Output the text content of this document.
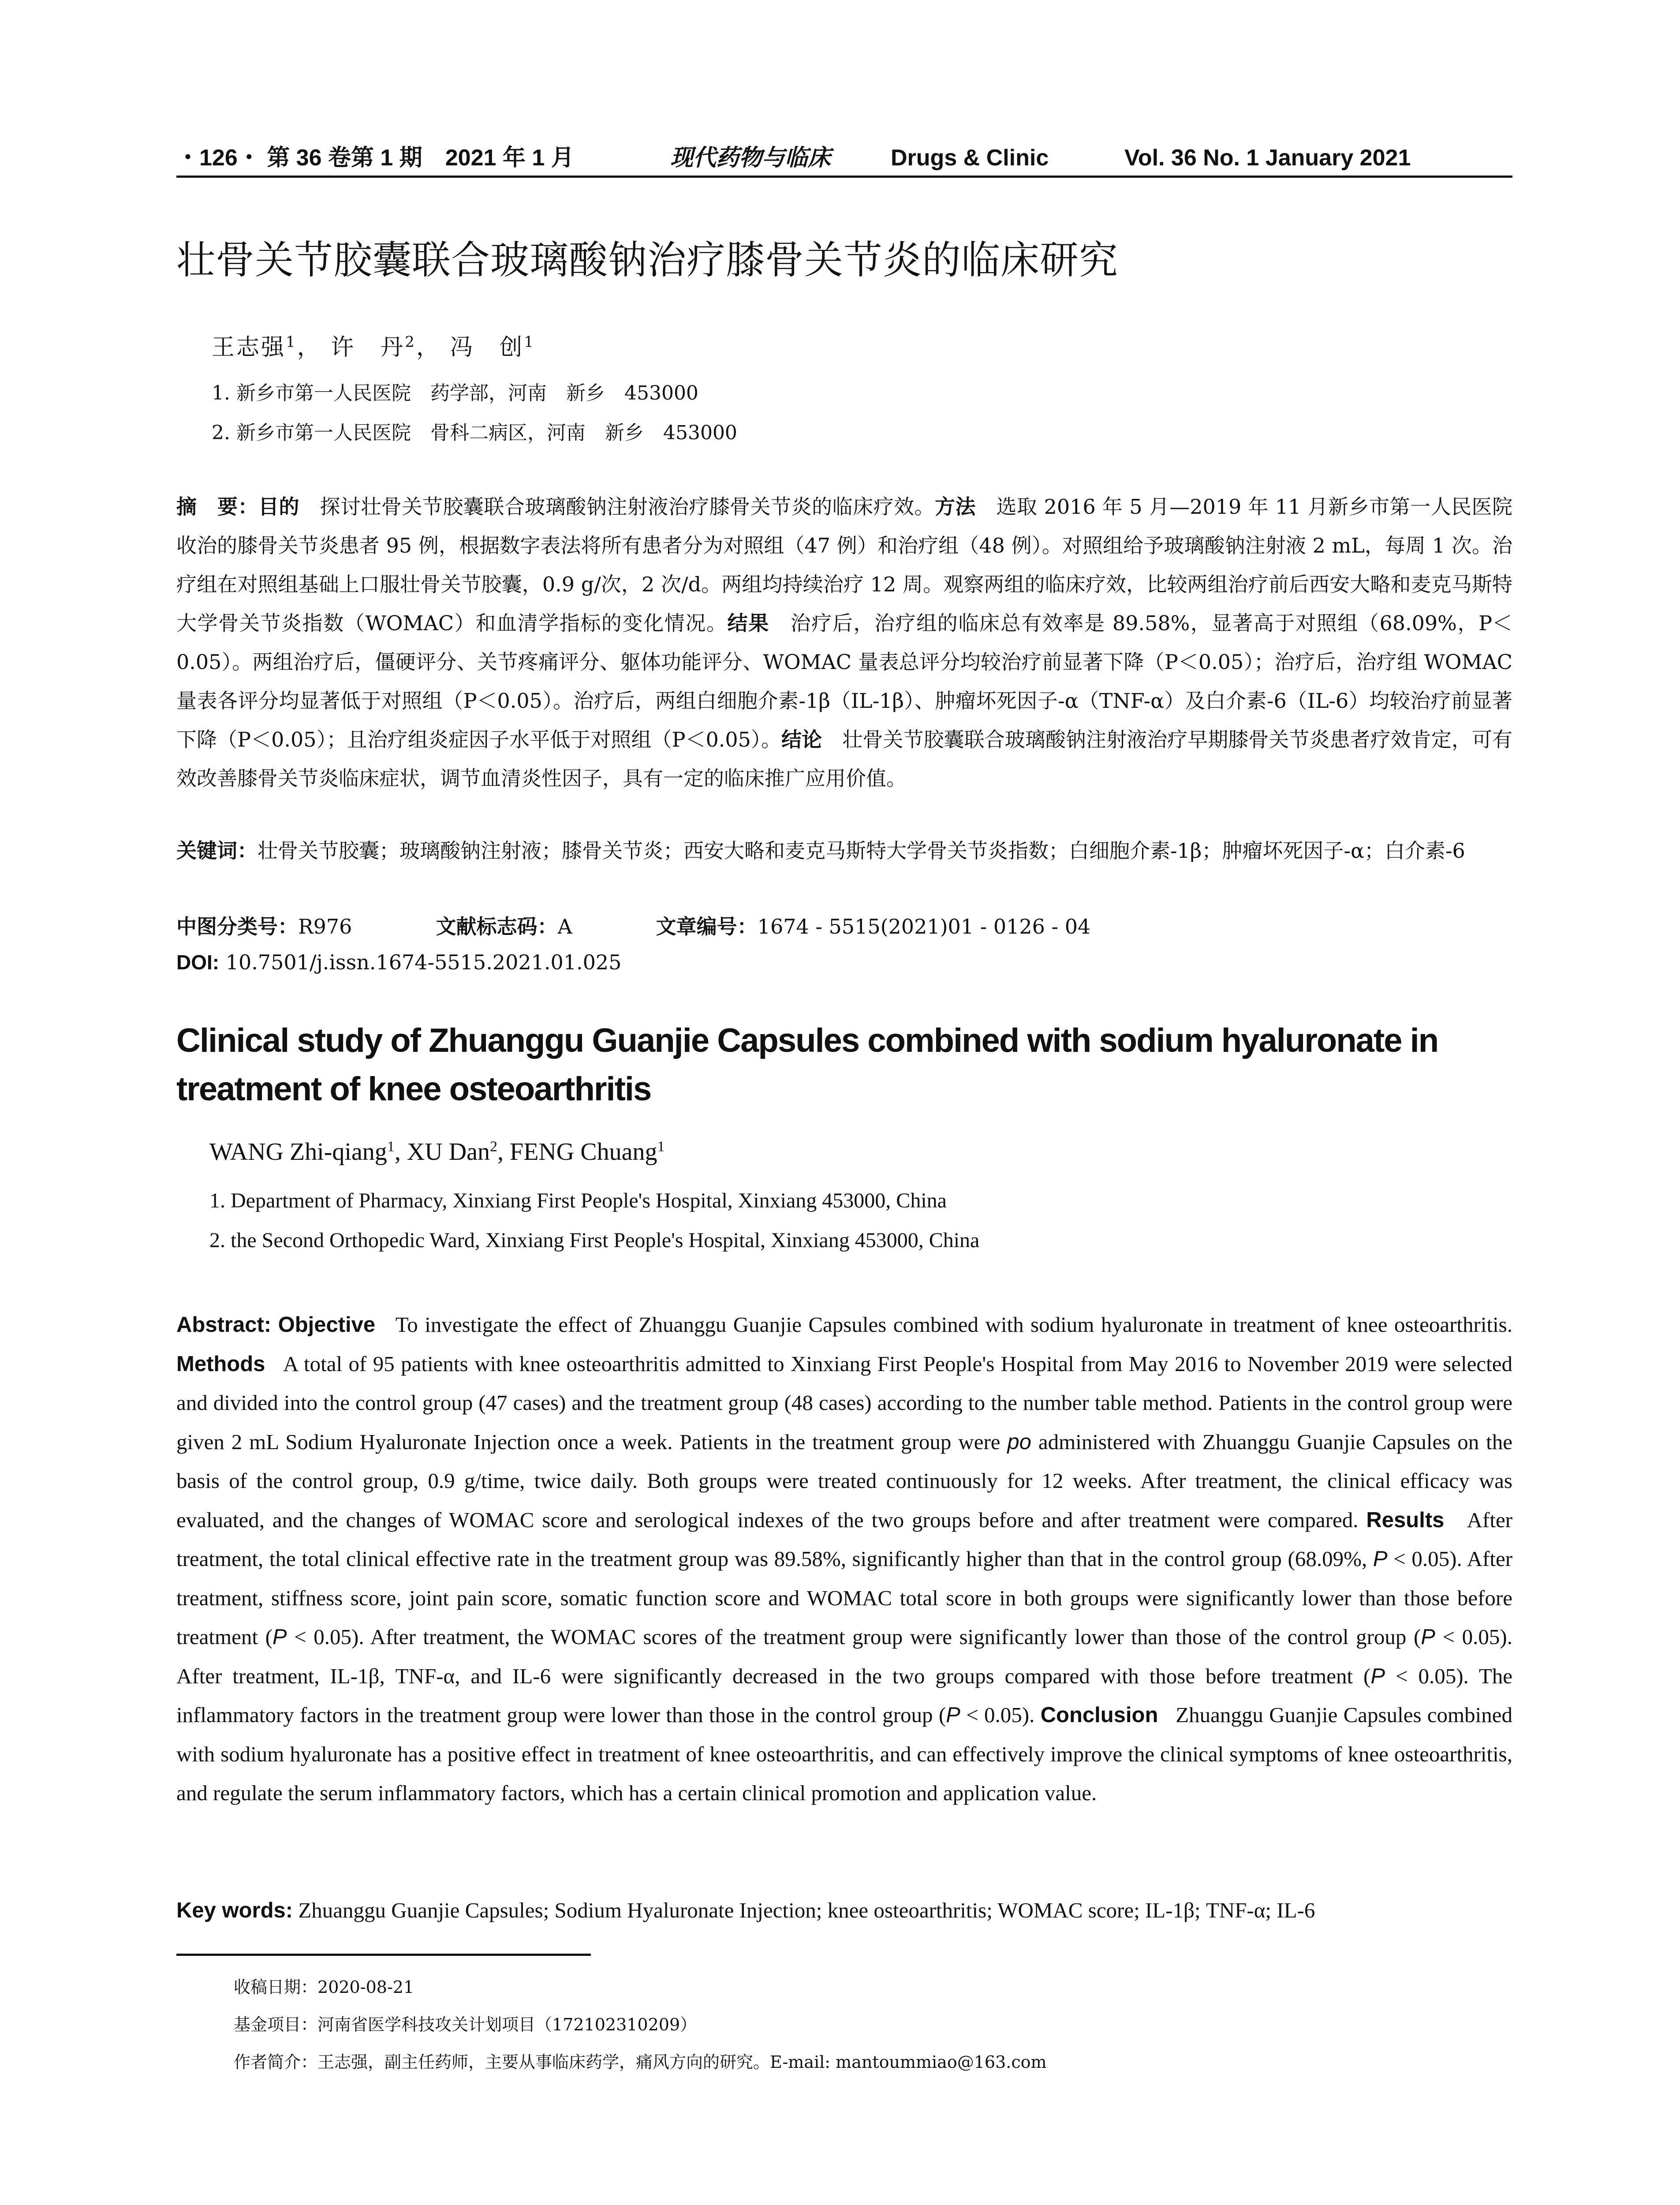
・126・ 第 36 卷第 1 期　2021 年 1 月	现代药物与临床	Drugs & Clinic	Vol. 36 No. 1 January 2021
壮骨关节胶囊联合玻璃酸钠治疗膝骨关节炎的临床研究
王志强$^1$， 许　丹$^2$， 冯　创$^1$
1. 新乡市第一人民医院　药学部，河南　新乡　453000
2. 新乡市第一人民医院　骨科二病区，河南　新乡　453000
摘　要：目的　 探讨壮骨关节胶囊联合玻璃酸钠注射液治疗膝骨关节炎的临床疗效。方法　 选取 2016 年 5 月—2019 年 11 月新乡市第一人民医院收治的膝骨关节炎患者 95 例，根据数字表法将所有患者分为对照组（47 例）和治疗组（48 例）。对照组给予玻璃酸钠注射液 2 mL，每周 1 次。治疗组在对照组基础上口服壮骨关节胶囊，0.9 g/次，2 次/d。两组均持续治疗 12 周。观察两组的临床疗效，比较两组治疗前后西安大略和麦克马斯特大学骨关节炎指数（WOMAC）和血清学指标的变化情况。结果　 治疗后，治疗组的临床总有效率是 89.58%，显著高于对照组（68.09%，P＜0.05）。两组治疗后，僵硬评分、关节疼痛评分、躯体功能评分、WOMAC 量表总评分均较治疗前显著下降（P＜0.05）；治疗后，治疗组 WOMAC 量表各评分均显著低于对照组（P＜0.05）。治疗后，两组白细胞介素-1β（IL-1β）、肿瘤坏死因子-α（TNF-α）及白介素-6（IL-6）均较治疗前显著下降（P＜0.05）；且治疗组炎症因子水平低于对照组（P＜0.05）。结论　 壮骨关节胶囊联合玻璃酸钠注射液治疗早期膝骨关节炎患者疗效肯定，可有效改善膝骨关节炎临床症状，调节血清炎性因子，具有一定的临床推广应用价值。
关键词：壮骨关节胶囊；玻璃酸钠注射液；膝骨关节炎；西安大略和麦克马斯特大学骨关节炎指数；白细胞介素-1β；肿瘤坏死因子-α；白介素-6
中图分类号：R976	文献标志码：A	文章编号：1674 - 5515(2021)01 - 0126 - 04
DOI: 10.7501/j.issn.1674-5515.2021.01.025
Clinical study of Zhuanggu Guanjie Capsules combined with sodium hyaluronate in treatment of knee osteoarthritis
WANG Zhi-qiang$^1$, XU Dan$^2$, FENG Chuang$^1$
1. Department of Pharmacy, Xinxiang First People's Hospital, Xinxiang 453000, China
2. the Second Orthopedic Ward, Xinxiang First People's Hospital, Xinxiang 453000, China
Abstract: Objective To investigate the effect of Zhuanggu Guanjie Capsules combined with sodium hyaluronate in treatment of knee osteoarthritis. Methods A total of 95 patients with knee osteoarthritis admitted to Xinxiang First People's Hospital from May 2016 to November 2019 were selected and divided into the control group (47 cases) and the treatment group (48 cases) according to the number table method. Patients in the control group were given 2 mL Sodium Hyaluronate Injection once a week. Patients in the treatment group were po administered with Zhuanggu Guanjie Capsules on the basis of the control group, 0.9 g/time, twice daily. Both groups were treated continuously for 12 weeks. After treatment, the clinical efficacy was evaluated, and the changes of WOMAC score and serological indexes of the two groups before and after treatment were compared. Results After treatment, the total clinical effective rate in the treatment group was 89.58%, significantly higher than that in the control group (68.09%, P < 0.05). After treatment, stiffness score, joint pain score, somatic function score and WOMAC total score in both groups were significantly lower than those before treatment (P < 0.05). After treatment, the WOMAC scores of the treatment group were significantly lower than those of the control group (P < 0.05). After treatment, IL-1β, TNF-α, and IL-6 were significantly decreased in the two groups compared with those before treatment (P < 0.05). The inflammatory factors in the treatment group were lower than those in the control group (P < 0.05). Conclusion Zhuanggu Guanjie Capsules combined with sodium hyaluronate has a positive effect in treatment of knee osteoarthritis, and can effectively improve the clinical symptoms of knee osteoarthritis, and regulate the serum inflammatory factors, which has a certain clinical promotion and application value.
Key words: Zhuanggu Guanjie Capsules; Sodium Hyaluronate Injection; knee osteoarthritis; WOMAC score; IL-1β; TNF-α; IL-6
收稿日期：2020-08-21
基金项目：河南省医学科技攻关计划项目（172102310209）
作者简介：王志强，副主任药师，主要从事临床药学，痛风方向的研究。E-mail: mantoummiao@163.com
